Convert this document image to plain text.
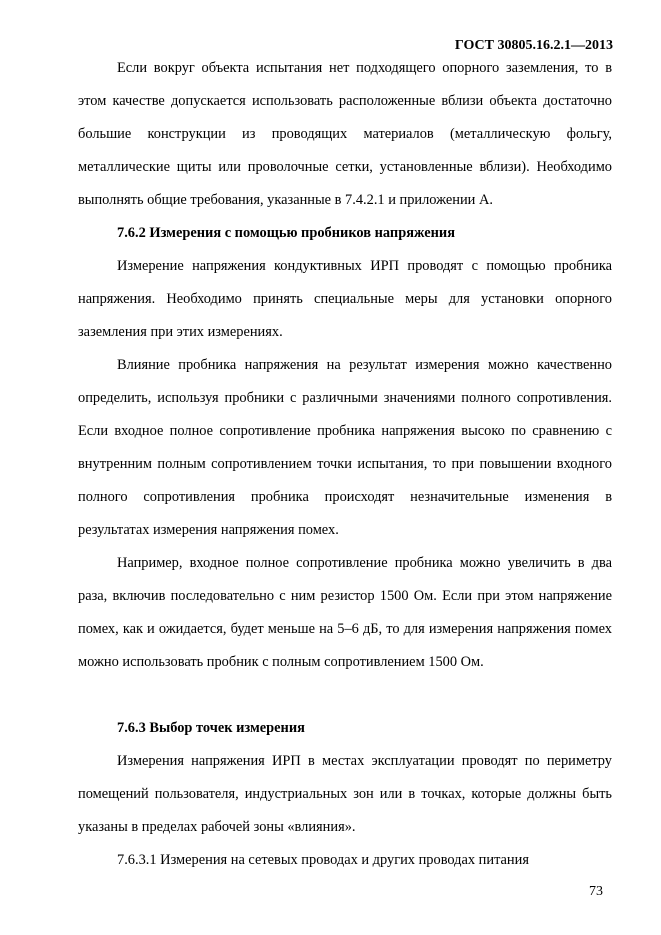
ГОСТ 30805.16.2.1—2013

Если вокруг объекта испытания нет подходящего опорного заземления, то в этом качестве допускается использовать расположенные вблизи объекта достаточно большие конструкции из проводящих материалов (металлическую фольгу, металлические щиты или проволочные сетки, установленные вблизи). Необходимо выполнять общие требования, указанные в 7.4.2.1 и приложении А.

7.6.2 Измерения с помощью пробников напряжения

Измерение напряжения кондуктивных ИРП проводят с помощью пробника напряжения. Необходимо принять специальные меры для установки опорного заземления при этих измерениях.

Влияние пробника напряжения на результат измерения можно качественно определить, используя пробники с различными значениями полного сопротивления. Если входное полное сопротивление пробника напряжения высоко по сравнению с внутренним полным сопротивлением точки испытания, то при повышении входного полного сопротивления пробника происходят незначительные изменения в результатах измерения напряжения помех.

Например, входное полное сопротивление пробника можно увеличить в два раза, включив последовательно с ним резистор 1500 Ом. Если при этом напряжение помех, как и ожидается, будет меньше на 5–6 дБ, то для измерения напряжения помех можно использовать пробник с полным сопротивлением 1500 Ом.

7.6.3 Выбор точек измерения

Измерения напряжения ИРП в местах эксплуатации проводят по периметру помещений пользователя, индустриальных зон или в точках, которые должны быть указаны в пределах рабочей зоны «влияния».

7.6.3.1 Измерения на сетевых проводах и других проводах питания

73
